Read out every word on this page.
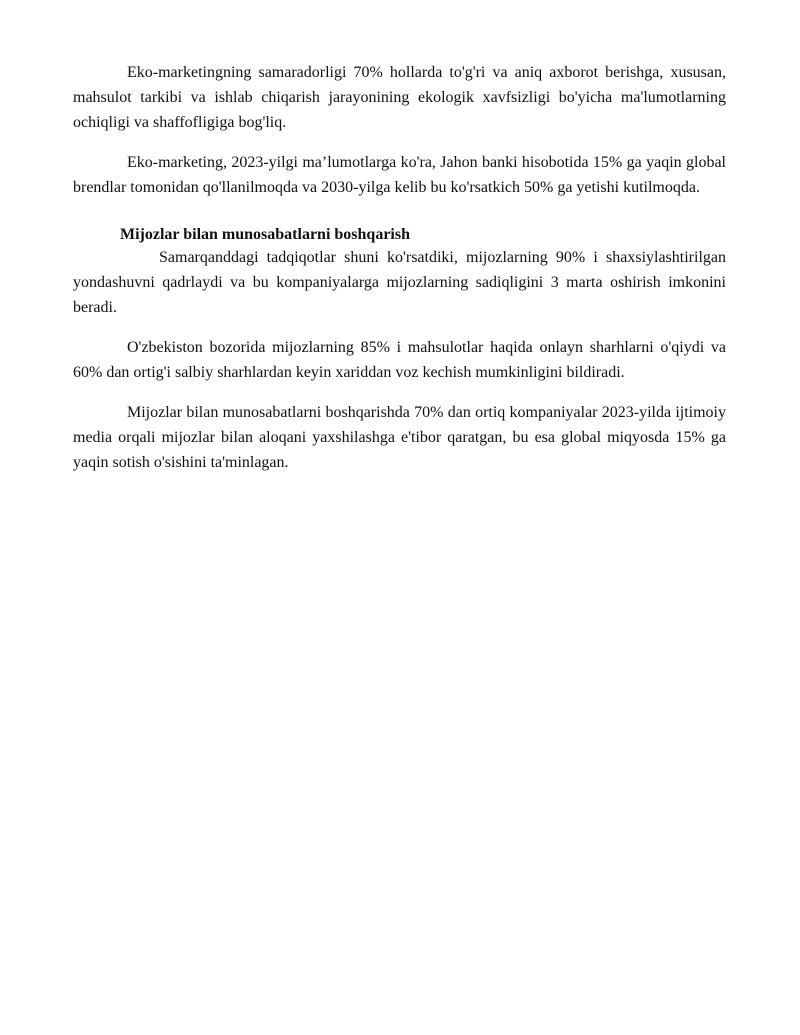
Eko-marketingning samaradorligi 70% hollarda to'g'ri va aniq axborot berishga, xususan, mahsulot tarkibi va ishlab chiqarish jarayonining ekologik xavfsizligi bo'yicha ma'lumotlarning ochiqligi va shaffofligiga bog'liq.

Eko-marketing, 2023-yilgi ma’lumotlarga ko'ra, Jahon banki hisobotida 15% ga yaqin global brendlar tomonidan qo'llanilmoqda va 2030-yilga kelib bu ko'rsatkich 50% ga yetishi kutilmoqda.

Mijozlar bilan munosabatlarni boshqarish

Samarqanddagi tadqiqotlar shuni ko'rsatdiki, mijozlarning 90% i shaxsiylashtirilgan yondashuvni qadrlaydi va bu kompaniyalarga mijozlarning sadiqligini 3 marta oshirish imkonini beradi.

O'zbekiston bozorida mijozlarning 85% i mahsulotlar haqida onlayn sharhlarni o'qiydi va 60% dan ortig'i salbiy sharhlardan keyin xariddan voz kechish mumkinligini bildiradi.

Mijozlar bilan munosabatlarni boshqarishda 70% dan ortiq kompaniyalar 2023-yilda ijtimoiy media orqali mijozlar bilan aloqani yaxshilashga e'tibor qaratgan, bu esa global miqyosda 15% ga yaqin sotish o'sishini ta'minlagan.
